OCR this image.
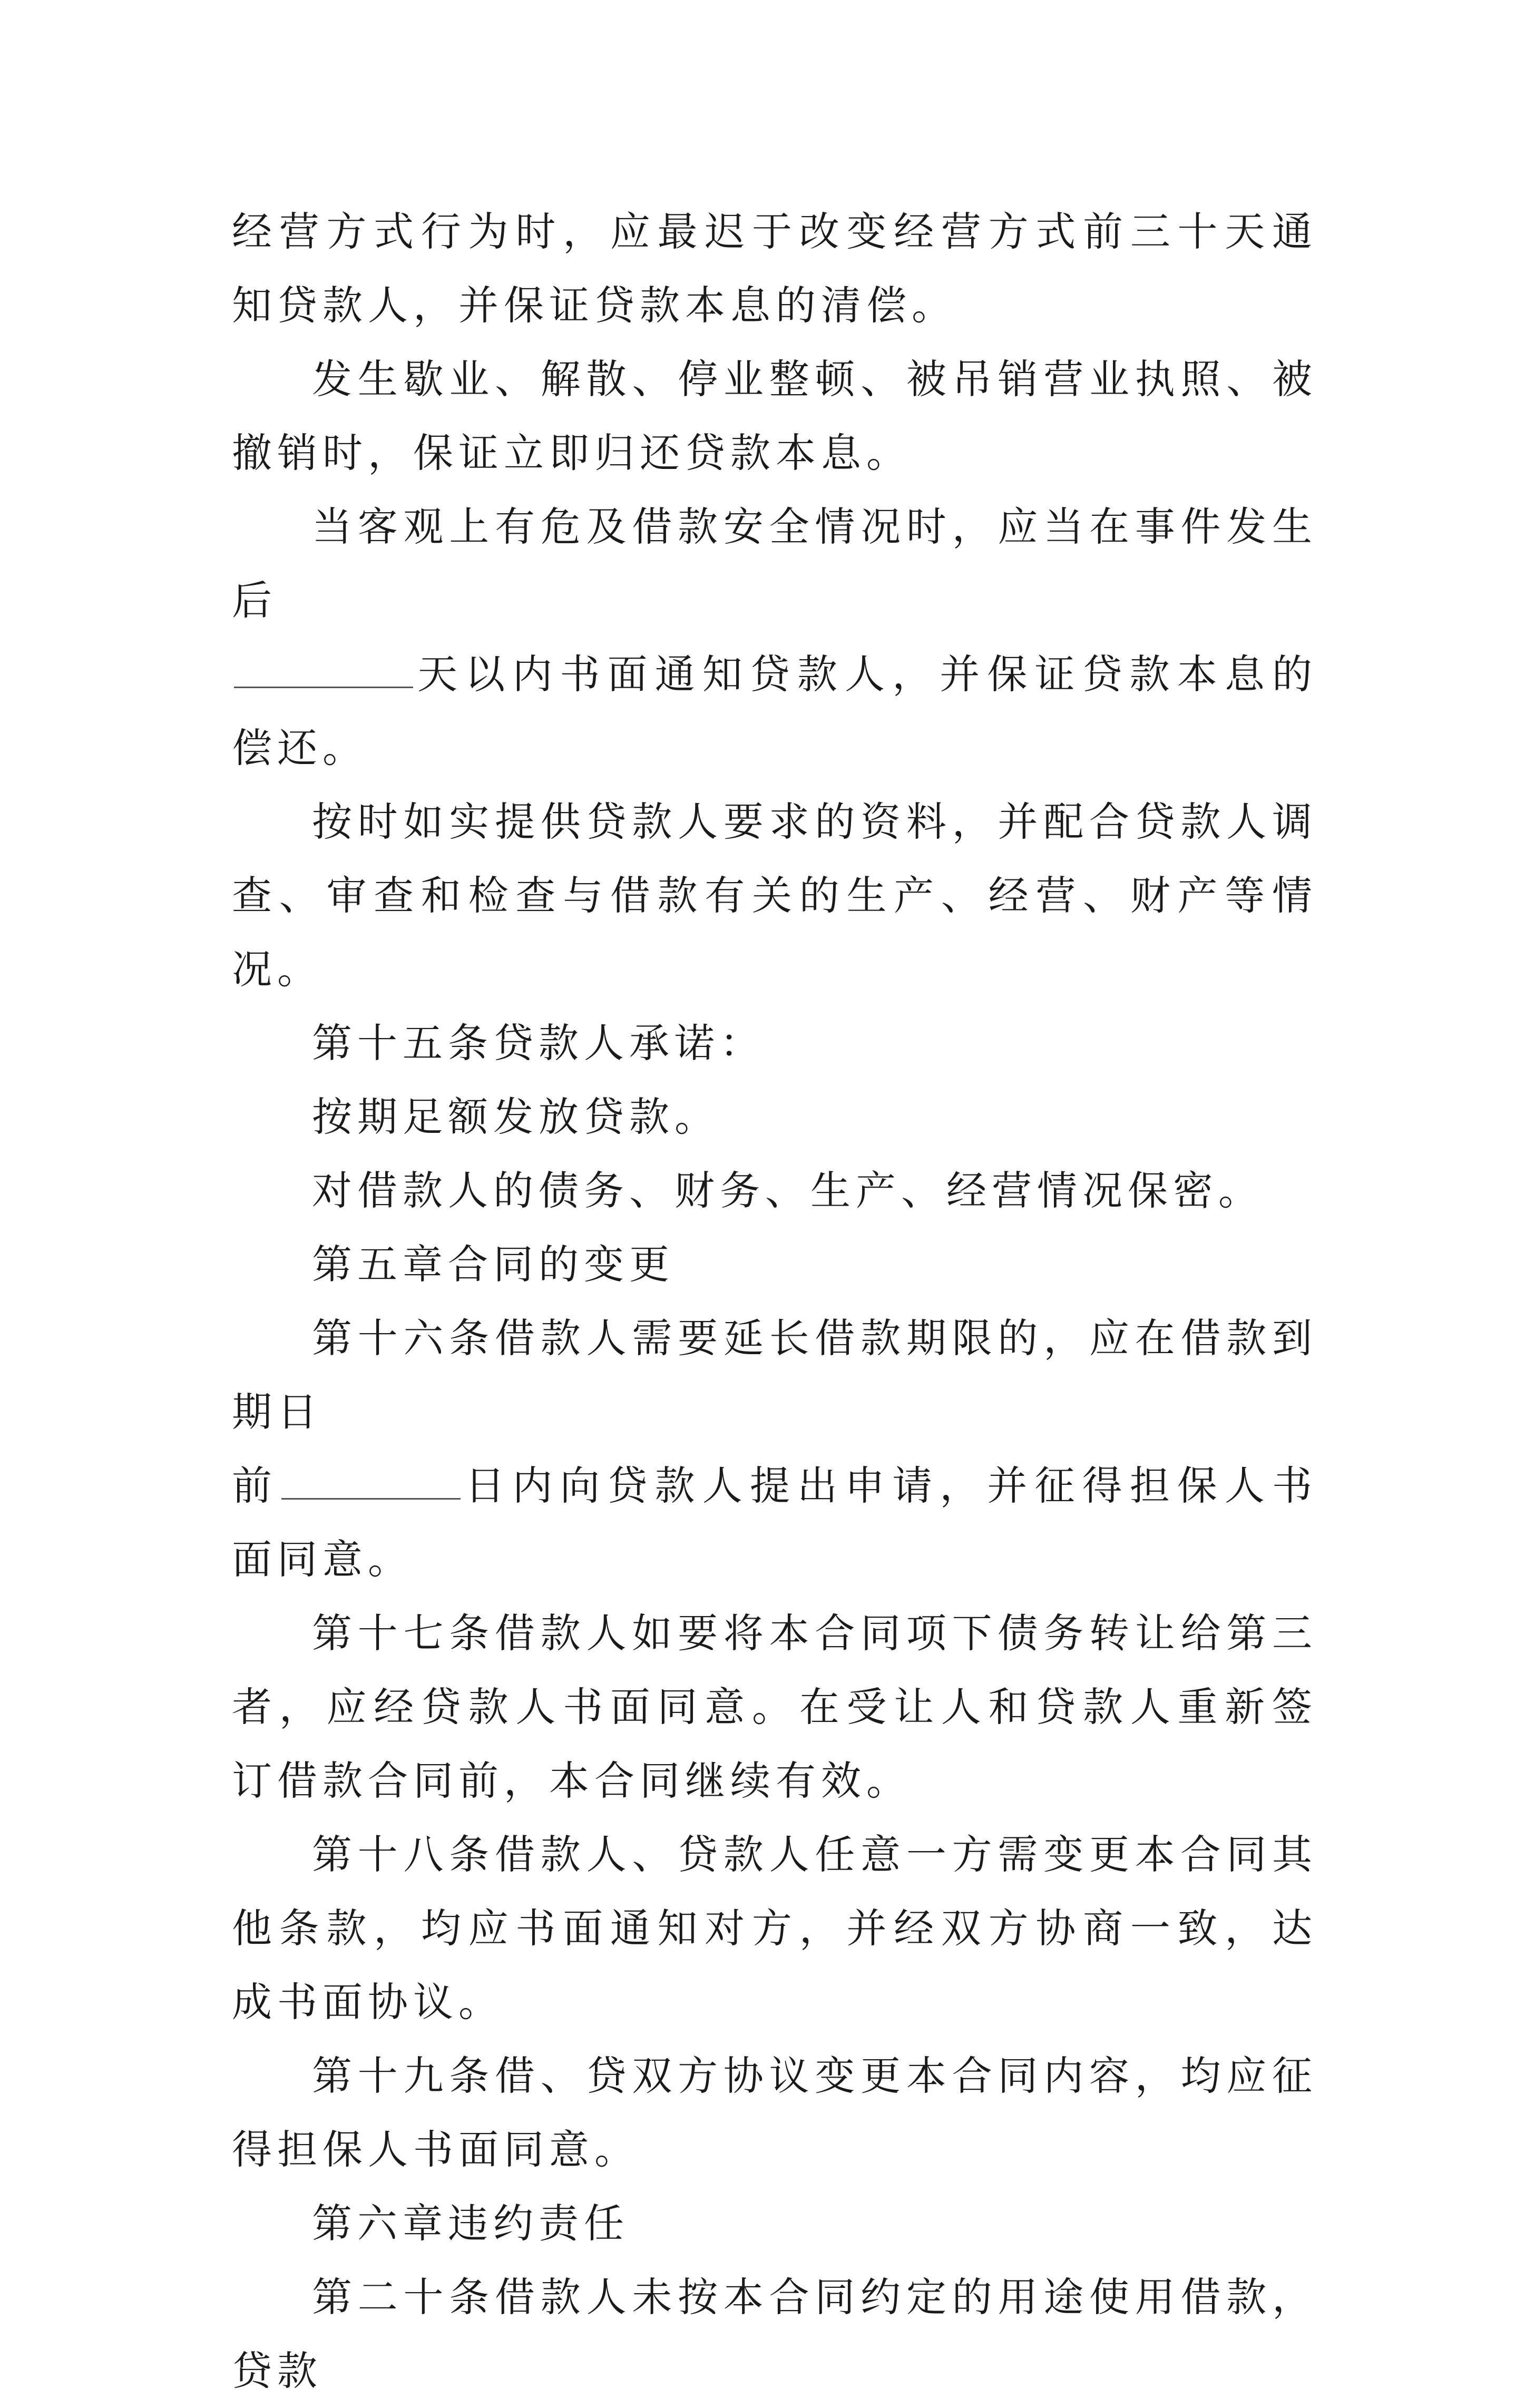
经营方式行为时，应最迟于改变经营方式前三十天通知贷款人，并保证贷款本息的清偿。

发生歇业、解散、停业整顿、被吊销营业执照、被撤销时，保证立即归还贷款本息。

当客观上有危及借款安全情况时，应当在事件发生后

天以内书面通知贷款人，并保证贷款本息的偿还。

按时如实提供贷款人要求的资料，并配合贷款人调查、审查和检查与借款有关的生产、经营、财产等情况。

第十五条贷款人承诺：

按期足额发放贷款。

对借款人的债务、财务、生产、经营情况保密。

第五章合同的变更

第十六条借款人需要延长借款期限的，应在借款到期日

前	日内向贷款人提出申请，并征得担保人书面同意。

第十七条借款人如要将本合同项下债务转让给第三者，应经贷款人书面同意。在受让人和贷款人重新签订借款合同前，本合同继续有效。

第十八条借款人、贷款人任意一方需变更本合同其他条款，均应书面通知对方，并经双方协商一致，达成书面协议。

第十九条借、贷双方协议变更本合同内容，均应征得担保人书面同意。

第六章违约责任

第二十条借款人未按本合同约定的用途使用借款，贷款
